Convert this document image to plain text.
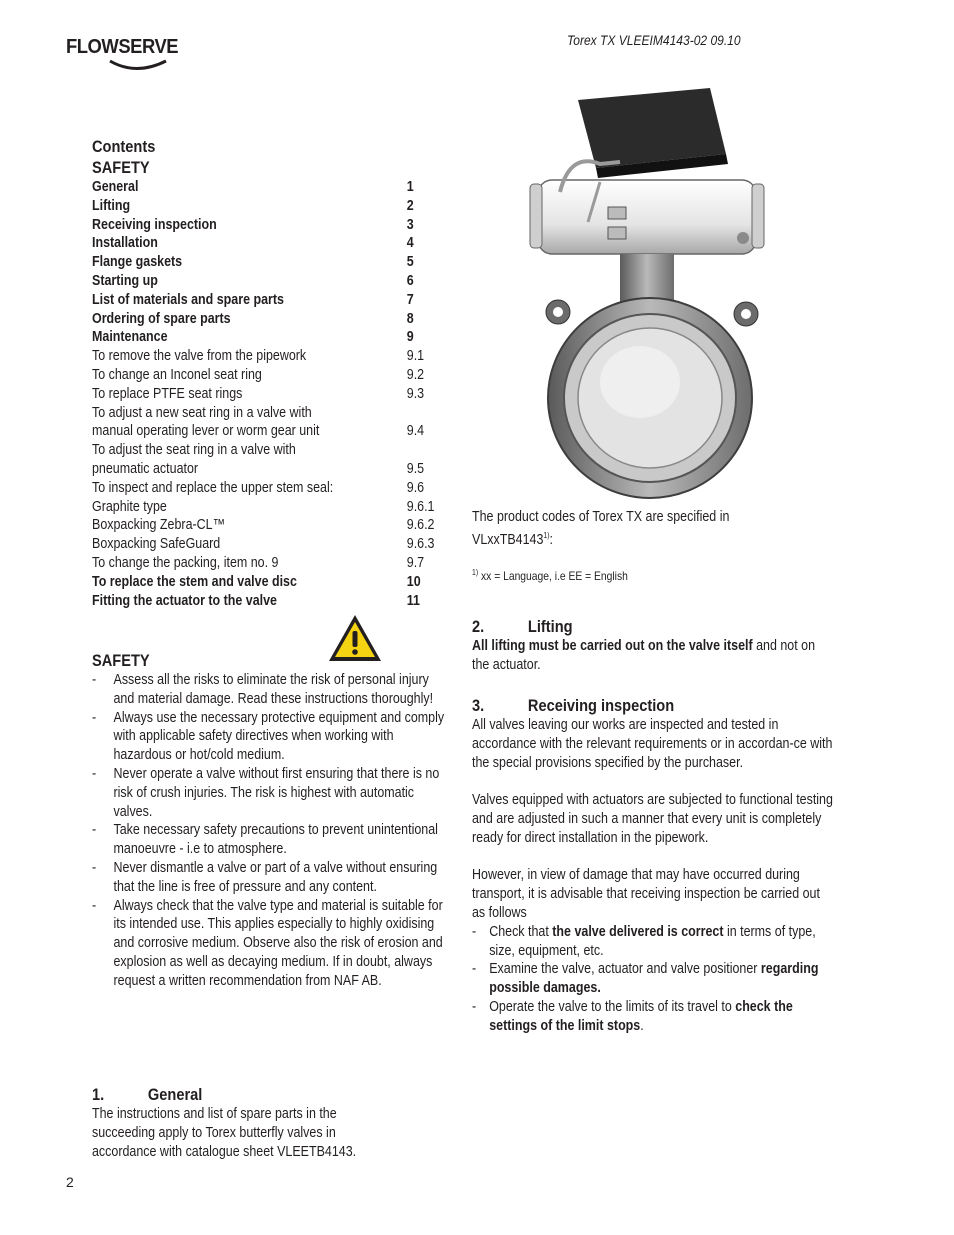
FLOWSERVE	Torex TX VLEEIM4143-02 09.10
Contents
SAFETY
General	1
Lifting	2
Receiving inspection	3
Installation	4
Flange gaskets	5
Starting up	6
List of materials and spare parts	7
Ordering of spare parts	8
Maintenance	9
To remove the valve from the pipework	9.1
To change an Inconel seat ring	9.2
To replace PTFE seat rings	9.3
To adjust a new seat ring in a valve with
manual operating lever or worm gear unit	9.4
To adjust the seat ring in a valve with
pneumatic actuator	9.5
To inspect and replace the upper stem seal:	9.6
Graphite type	9.6.1
Boxpacking Zebra-CL™	9.6.2
Boxpacking SafeGuard	9.6.3
To change the packing, item no. 9	9.7
To replace the stem and valve disc	10
Fitting the actuator to the valve	11
SAFETY
- Assess all the risks to eliminate the risk of personal injury and material damage. Read these instructions thoroughly!
- Always use the necessary protective equipment and comply with applicable safety directives when working with hazardous or hot/cold medium.
- Never operate a valve without first ensuring that there is no risk of crush injuries. The risk is highest with automatic valves.
- Take necessary safety precautions to prevent unintentional manoeuvre - i.e to atmosphere.
- Never dismantle a valve or part of a valve without ensuring that the line is free of pressure and any content.
- Always check that the valve type and material is suitable for its intended use. This applies especially to highly oxidising and corrosive medium. Observe also the risk of erosion and explosion as well as decaying medium. If in doubt, always request a written recommendation from NAF AB.
1.	General
The instructions and list of spare parts in the succeeding apply to Torex butterfly valves in accordance with catalogue sheet VLEETB4143.
The product codes of Torex TX are specified in
VLxxTB4143$^{1)}$:
$^{1)}$ xx = Language, i.e EE = English
2.	Lifting
All lifting must be carried out on the valve itself and not on the actuator.
3.	Receiving inspection
All valves leaving our works are inspected and tested in accordance with the relevant requirements or in accordan-ce with the special provisions specified by the purchaser.
Valves equipped with actuators are subjected to functional testing and are adjusted in such a manner that every unit is completely ready for direct installation in the pipework.
However, in view of damage that may have occurred during transport, it is advisable that receiving inspection be carried out as follows
- Check that the valve delivered is correct in terms of type, size, equipment, etc.
- Examine the valve, actuator and valve positioner regarding possible damages.
- Operate the valve to the limits of its travel to check the settings of the limit stops.
2
